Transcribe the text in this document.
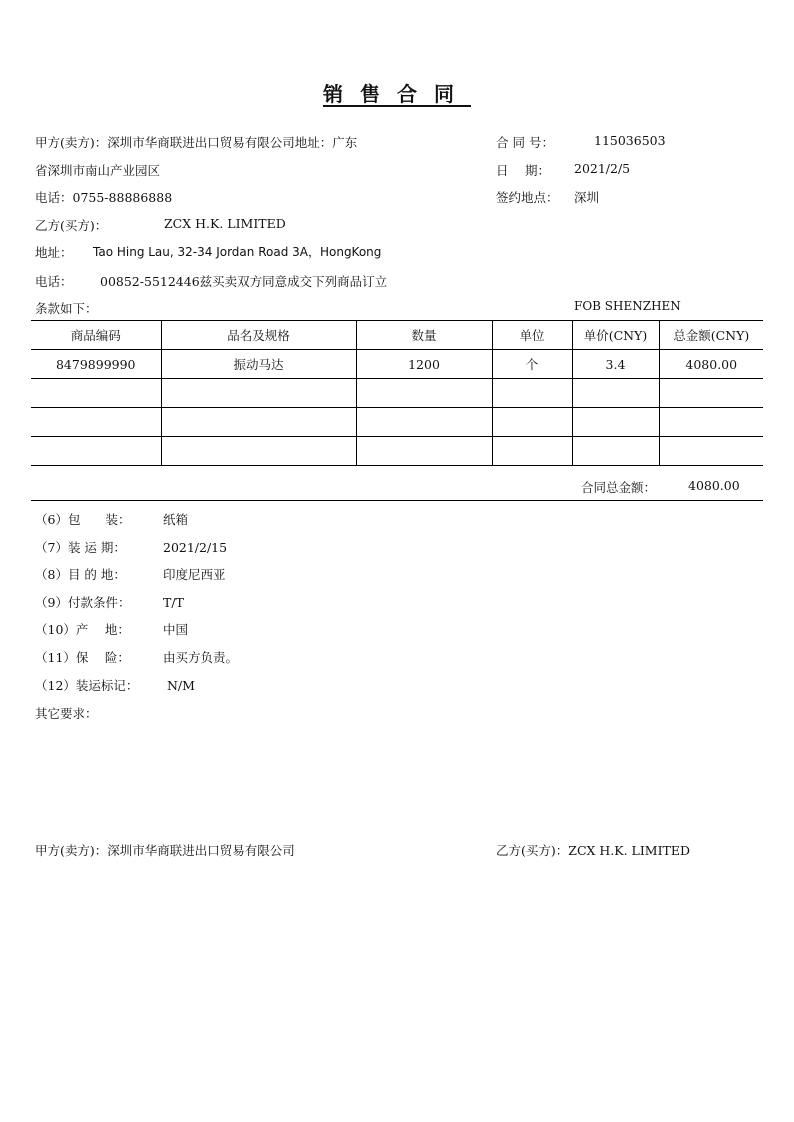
销售合同
甲方(卖方)：深圳市华商联进出口贸易有限公司地址：广东
省深圳市南山产业园区
电话：0755-88886888
合 同 号：	115036503
日　 期： 2021/2/5
签约地点： 深圳
乙方(买方)：	ZCX H.K. LIMITED
地址： Tao Hing Lau, 32-34 Jordan Road 3A，HongKong
电话： 00852-5512446兹买卖双方同意成交下列商品订立
条款如下：	FOB SHENZHEN
商品编码	品名及规格	数量	单位	单价(CNY)	总金额(CNY)
8479899990	振动马达	1200	个	3.4	4080.00

合同总金额：	4080.00
（6）包　　装：	纸箱
（7）装 运 期：	2021/2/15
（8）目 的 地：	印度尼西亚
（9）付款条件：	T/T
（10）产　 地：	中国
（11）保　 险：	由买方负责。
（12）装运标记： N/M
其它要求：
甲方(卖方)：深圳市华商联进出口贸易有限公司	乙方(买方)：ZCX H.K. LIMITED
